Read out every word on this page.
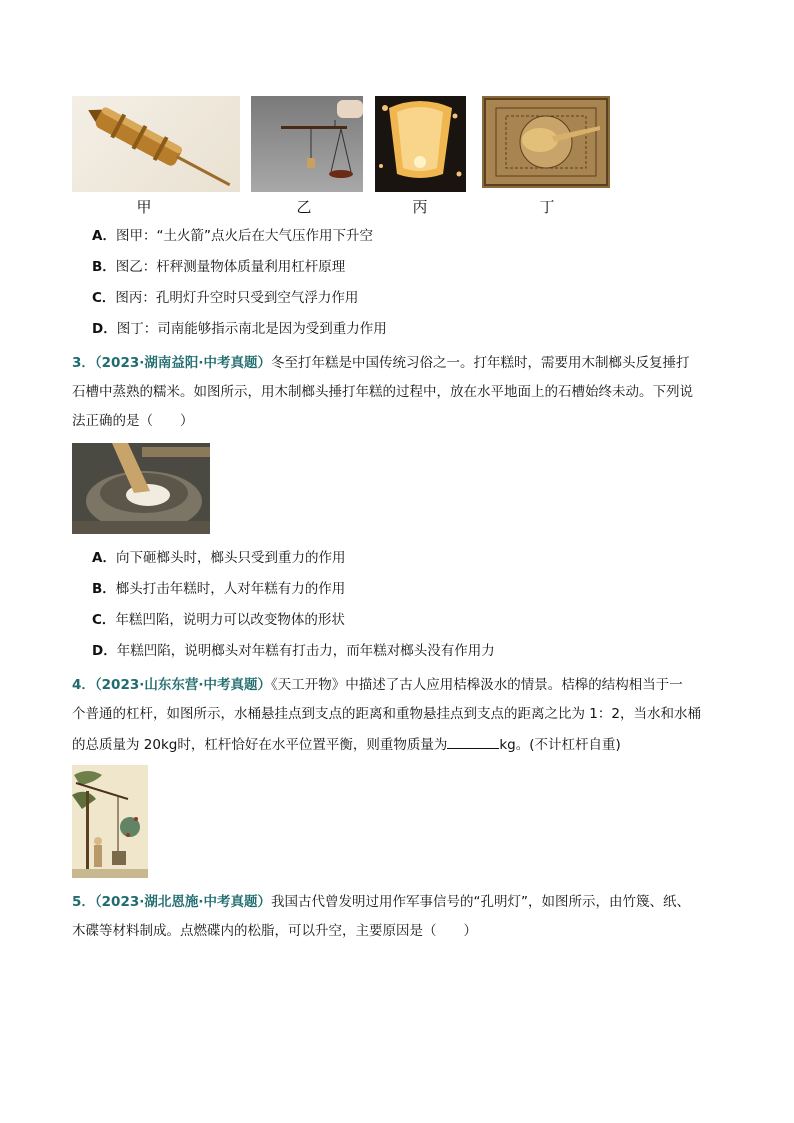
甲	乙	丙	丁
A．图甲：“土火箭”点火后在大气压作用下升空
B．图乙：杆秤测量物体质量利用杠杆原理
C．图丙：孔明灯升空时只受到空气浮力作用
D．图丁：司南能够指示南北是因为受到重力作用
3．（2023·湖南益阳·中考真题）冬至打年糕是中国传统习俗之一。打年糕时，需要用木制榔头反复捶打
石槽中蒸熟的糯米。如图所示，用木制榔头捶打年糕的过程中，放在水平地面上的石槽始终未动。下列说
法正确的是（　　）
A．向下砸榔头时，榔头只受到重力的作用
B．榔头打击年糕时，人对年糕有力的作用
C．年糕凹陷，说明力可以改变物体的形状
D．年糕凹陷，说明榔头对年糕有打击力，而年糕对榔头没有作用力
4．（2023·山东东营·中考真题）《天工开物》中描述了古人应用桔槔汲水的情景。桔槔的结构相当于一
个普通的杠杆，如图所示，水桶悬挂点到支点的距离和重物悬挂点到支点的距离之比为 1：2，当水和水桶
的总质量为 20kg时，杠杆恰好在水平位置平衡，则重物质量为	kg。(不计杠杆自重)
5．（2023·湖北恩施·中考真题）我国古代曾发明过用作军事信号的“孔明灯”，如图所示，由竹篾、纸、
木碟等材料制成。点燃碟内的松脂，可以升空，主要原因是（　　）
